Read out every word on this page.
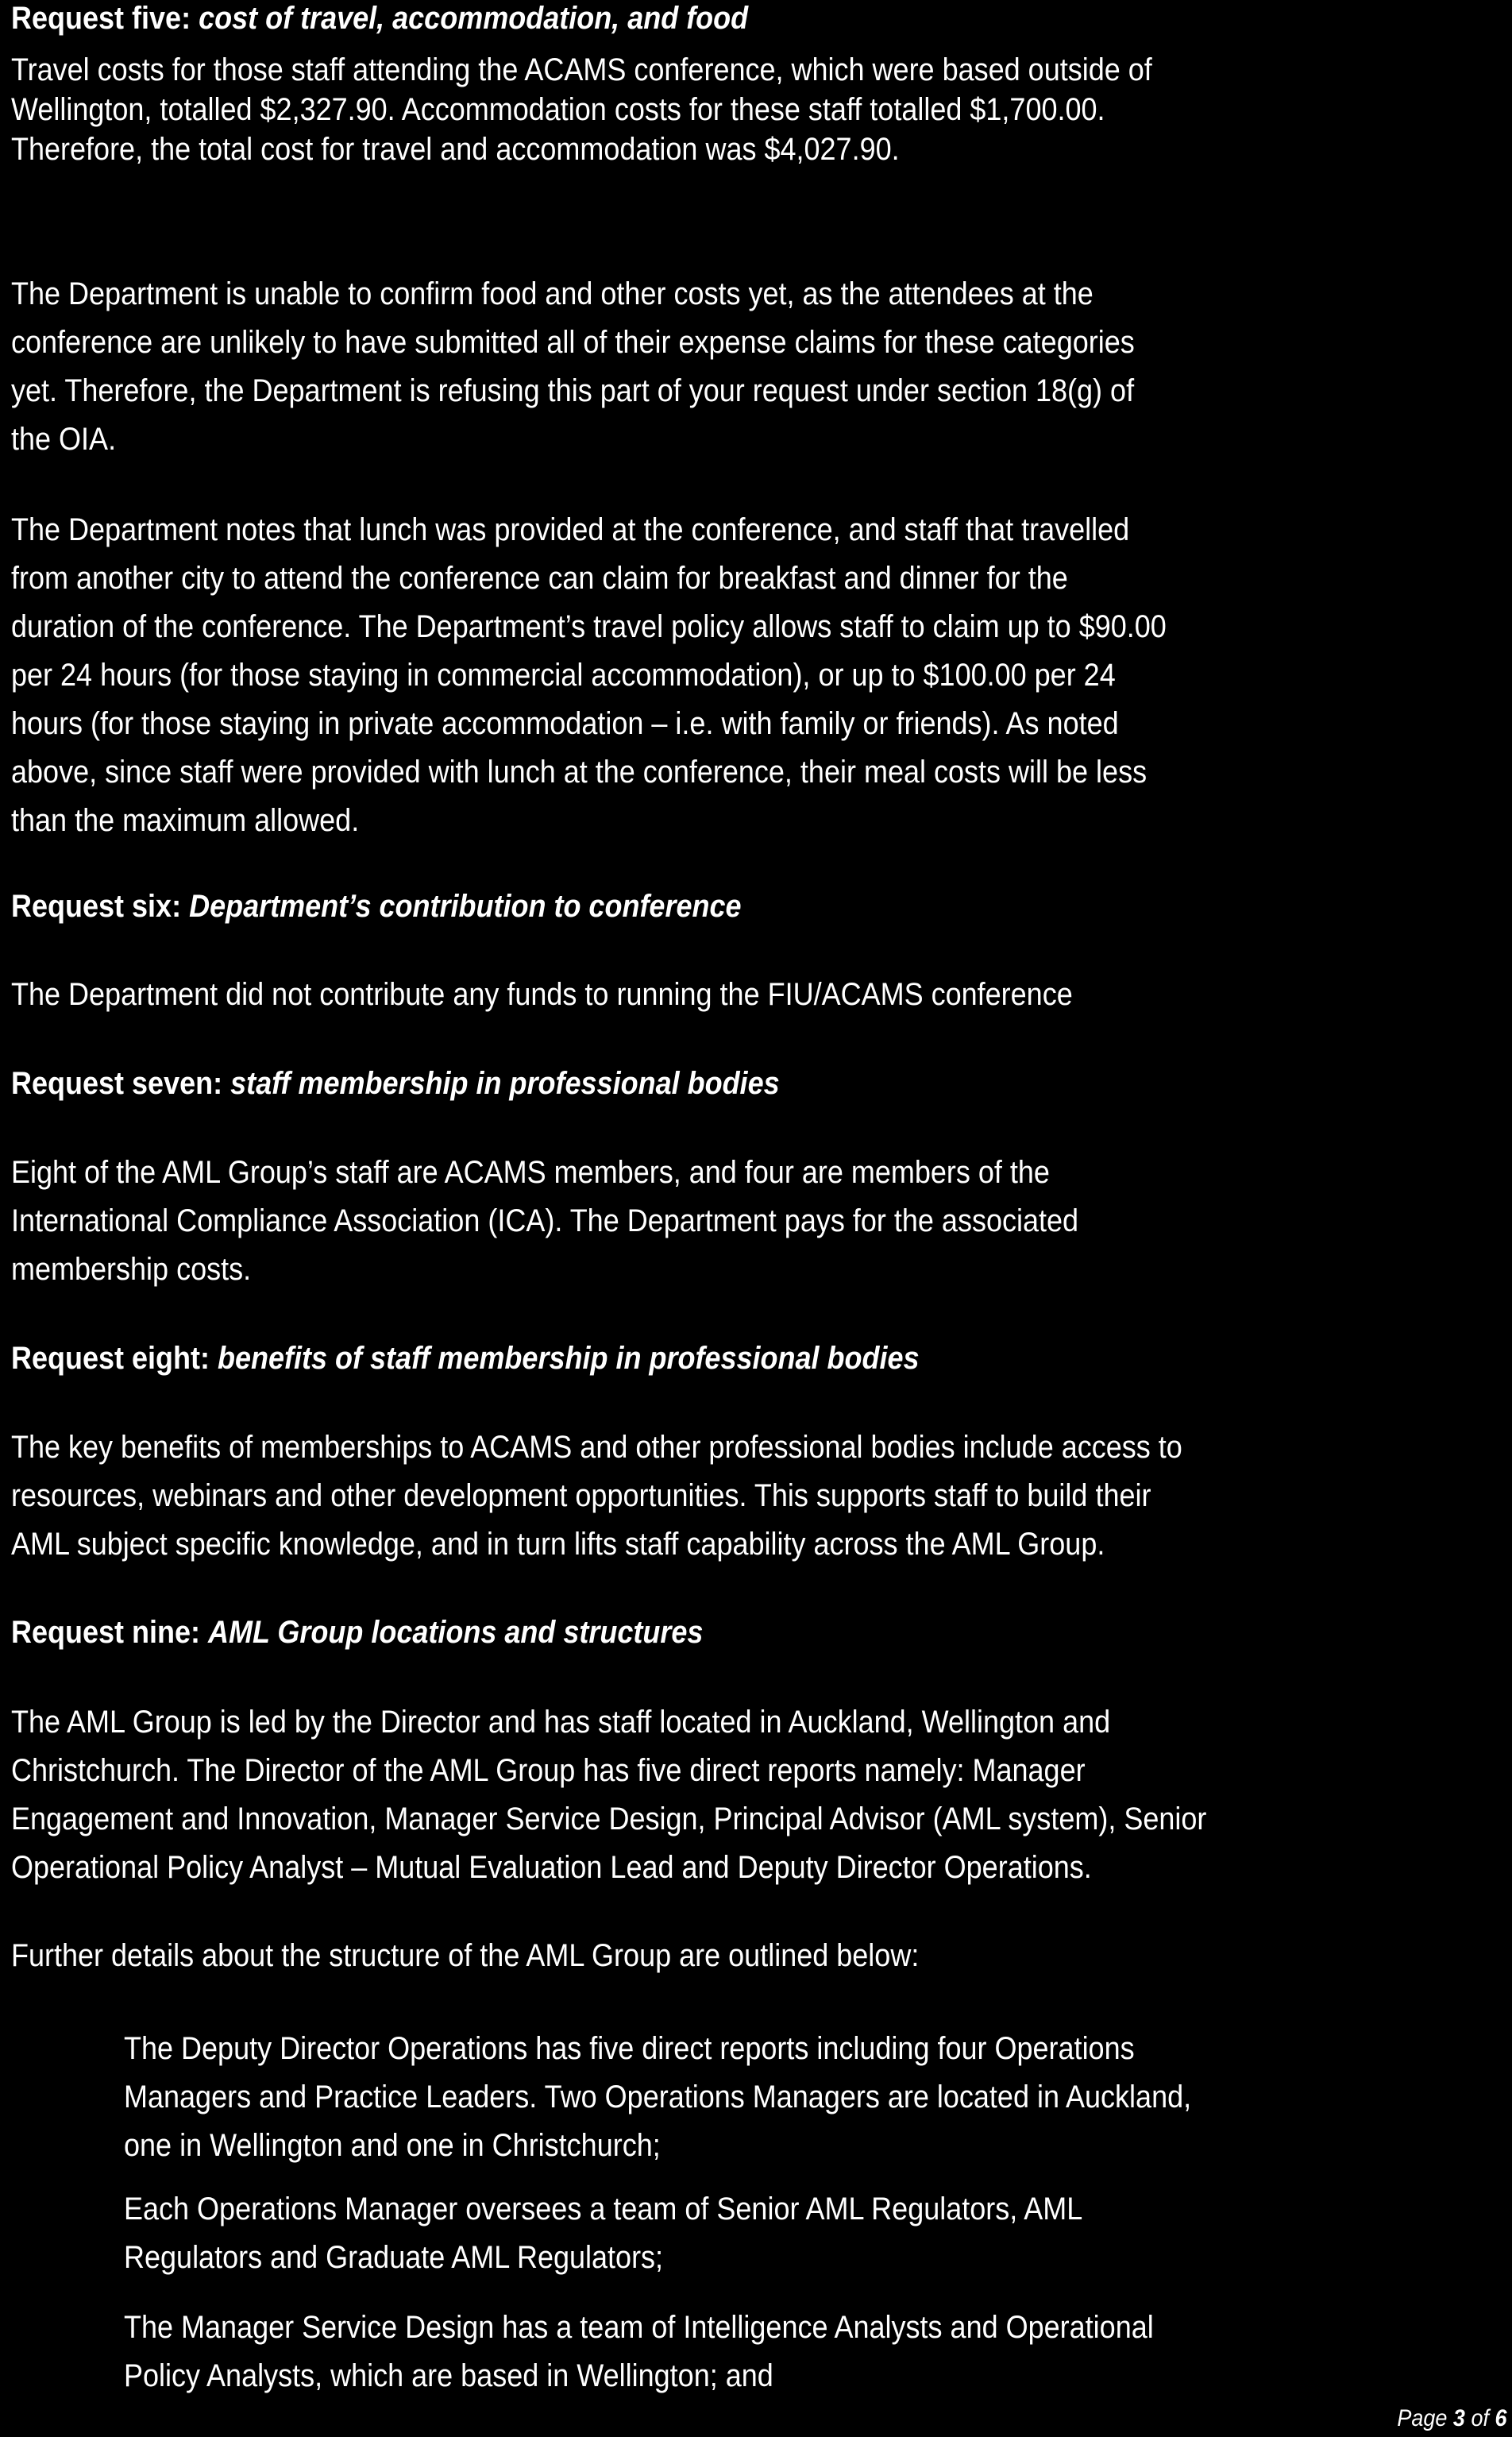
Request five: cost of travel, accommodation, and food
Travel costs for those staff attending the ACAMS conference, which were based outside of
Wellington, totalled $2,327.90. Accommodation costs for these staff totalled $1,700.00.
Therefore, the total cost for travel and accommodation was $4,027.90.
The Department is unable to confirm food and other costs yet, as the attendees at the
conference are unlikely to have submitted all of their expense claims for these categories
yet. Therefore, the Department is refusing this part of your request under section 18(g) of
the OIA.
The Department notes that lunch was provided at the conference, and staff that travelled
from another city to attend the conference can claim for breakfast and dinner for the
duration of the conference. The Department’s travel policy allows staff to claim up to $90.00
per 24 hours (for those staying in commercial accommodation), or up to $100.00 per 24
hours (for those staying in private accommodation – i.e. with family or friends). As noted
above, since staff were provided with lunch at the conference, their meal costs will be less
than the maximum allowed.
Request six: Department’s contribution to conference
The Department did not contribute any funds to running the FIU/ACAMS conference
Request seven: staff membership in professional bodies
Eight of the AML Group’s staff are ACAMS members, and four are members of the
International Compliance Association (ICA). The Department pays for the associated
membership costs.
Request eight: benefits of staff membership in professional bodies
The key benefits of memberships to ACAMS and other professional bodies include access to
resources, webinars and other development opportunities. This supports staff to build their
AML subject specific knowledge, and in turn lifts staff capability across the AML Group.
Request nine: AML Group locations and structures
The AML Group is led by the Director and has staff located in Auckland, Wellington and
Christchurch. The Director of the AML Group has five direct reports namely: Manager
Engagement and Innovation, Manager Service Design, Principal Advisor (AML system), Senior
Operational Policy Analyst – Mutual Evaluation Lead and Deputy Director Operations.
Further details about the structure of the AML Group are outlined below:
The Deputy Director Operations has five direct reports including four Operations
Managers and Practice Leaders. Two Operations Managers are located in Auckland,
one in Wellington and one in Christchurch;
Each Operations Manager oversees a team of Senior AML Regulators, AML
Regulators and Graduate AML Regulators;
The Manager Service Design has a team of Intelligence Analysts and Operational
Policy Analysts, which are based in Wellington; and
Page 3 of 6
